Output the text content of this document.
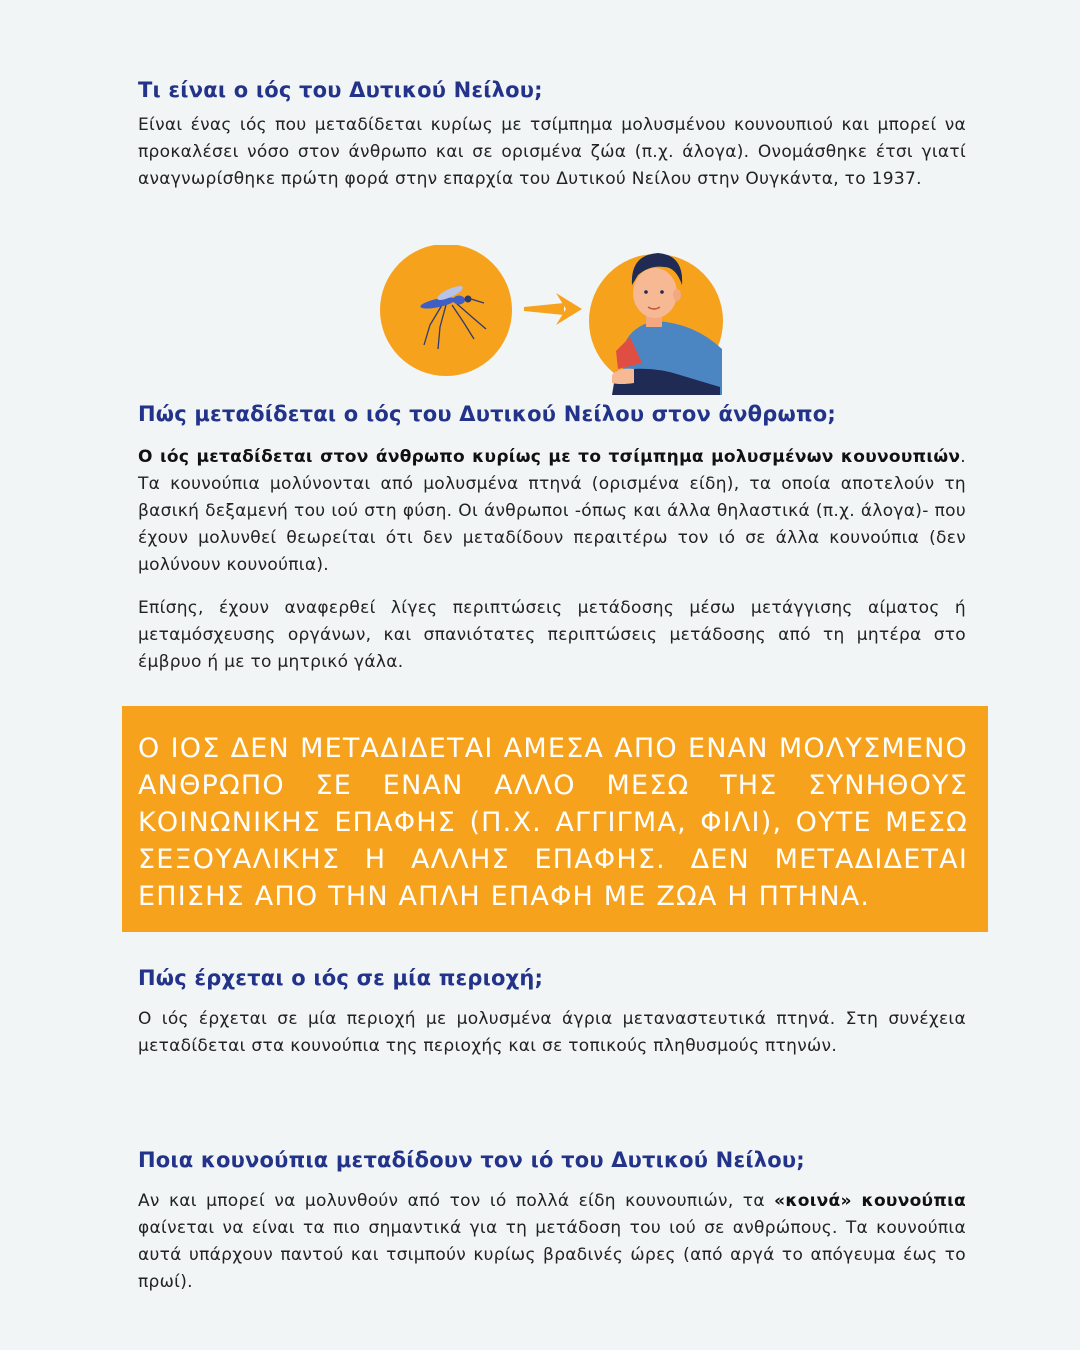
Τι είναι ο ιός του Δυτικού Νείλου;

Είναι ένας ιός που μεταδίδεται κυρίως με τσίμπημα μολυσμένου κουνουπιού και μπορεί να προκαλέσει νόσο στον άνθρωπο και σε ορισμένα ζώα (π.χ. άλογα). Ονομάσθηκε έτσι γιατί αναγνωρίσθηκε πρώτη φορά στην επαρχία του Δυτικού Νείλου στην Ουγκάντα, το 1937.

Πώς μεταδίδεται ο ιός του Δυτικού Νείλου στον άνθρωπο;

Ο ιός μεταδίδεται στον άνθρωπο κυρίως με το τσίμπημα μολυσμένων κουνουπιών. Τα κουνούπια μολύνονται από μολυσμένα πτηνά (ορισμένα είδη), τα οποία αποτελούν τη βασική δεξαμενή του ιού στη φύση. Οι άνθρωποι -όπως και άλλα θηλαστικά (π.χ. άλογα)- που έχουν μολυνθεί θεωρείται ότι δεν μεταδίδουν περαιτέρω τον ιό σε άλλα κουνούπια (δεν μολύνουν κουνούπια).

Επίσης, έχουν αναφερθεί λίγες περιπτώσεις μετάδοσης μέσω μετάγγισης αίματος ή μεταμόσχευσης οργάνων, και σπανιότατες περιπτώσεις μετάδοσης από τη μητέρα στο έμβρυο ή με το μητρικό γάλα.

Ο ΙΟΣ ΔΕΝ ΜΕΤΑΔΙΔΕΤΑΙ ΑΜΕΣΑ ΑΠΟ ΕΝΑΝ ΜΟΛΥΣΜΕΝΟ ΑΝΘΡΩΠΟ ΣΕ ΕΝΑΝ ΑΛΛΟ ΜΕΣΩ ΤΗΣ ΣΥΝΗΘΟΥΣ ΚΟΙΝΩΝΙΚΗΣ ΕΠΑΦΗΣ (Π.Χ. ΑΓΓΙΓΜΑ, ΦΙΛΙ), ΟΥΤΕ ΜΕΣΩ ΣΕΞΟΥΑΛΙΚΗΣ Η ΑΛΛΗΣ ΕΠΑΦΗΣ. ΔΕΝ ΜΕΤΑΔΙΔΕΤΑΙ ΕΠΙΣΗΣ ΑΠΟ ΤΗΝ ΑΠΛΗ ΕΠΑΦΗ ΜΕ ΖΩΑ Η ΠΤΗΝΑ.

Πώς έρχεται ο ιός σε μία περιοχή;

Ο ιός έρχεται σε μία περιοχή με μολυσμένα άγρια μεταναστευτικά πτηνά. Στη συνέχεια μεταδίδεται στα κουνούπια της περιοχής και σε τοπικούς πληθυσμούς πτηνών.

Ποια κουνούπια μεταδίδουν τον ιό του Δυτικού Νείλου;

Αν και μπορεί να μολυνθούν από τον ιό πολλά είδη κουνουπιών, τα «κοινά» κουνούπια φαίνεται να είναι τα πιο σημαντικά για τη μετάδοση του ιού σε ανθρώπους. Τα κουνούπια αυτά υπάρχουν παντού και τσιμπούν κυρίως βραδινές ώρες (από αργά το απόγευμα έως το πρωί).
